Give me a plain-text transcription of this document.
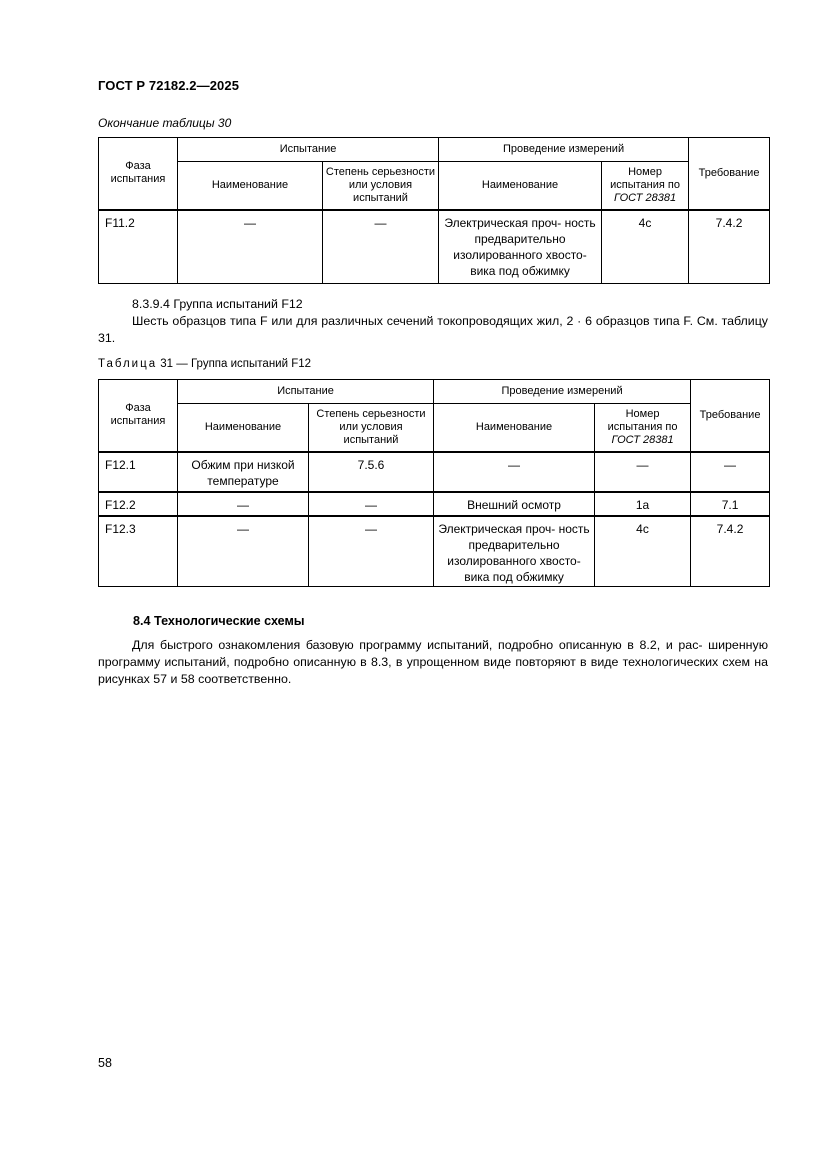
ГОСТ Р 72182.2—2025
Окончание таблицы 30
Фаза испытания	Испытание		Проведение измерений		Требование
	Наименование	Степень серьезности или условия испытаний	Наименование	Номер
испытания по
ГОСТ 28381	
F11.2	—	—	Электрическая проч- ность предварительно изолированного хвосто- вика под обжимку	4c	7.4.2
8.3.9.4 Группа испытаний F12
Шесть образцов типа F или для различных сечений токопроводящих жил, 2 · 6 образцов типа F. См. таблицу 31.
Таблица 31 — Группа испытаний F12
Фаза испытания	Испытание		Проведение измерений		Требование
	Наименование	Степень серьезности или условия испытаний	Наименование	Номер
испытания по
ГОСТ 28381	
F12.1	Обжим при низкой температуре	7.5.6	—	—	—
F12.2	—	—	Внешний осмотр	1a	7.1
F12.3	—	—	Электрическая проч- ность предварительно изолированного хвосто- вика под обжимку	4c	7.4.2
8.4 Технологические схемы
Для быстрого ознакомления базовую программу испытаний, подробно описанную в 8.2, и рас- ширенную программу испытаний, подробно описанную в 8.3, в упрощенном виде повторяют в виде технологических схем на рисунках 57 и 58 соответственно.
58
